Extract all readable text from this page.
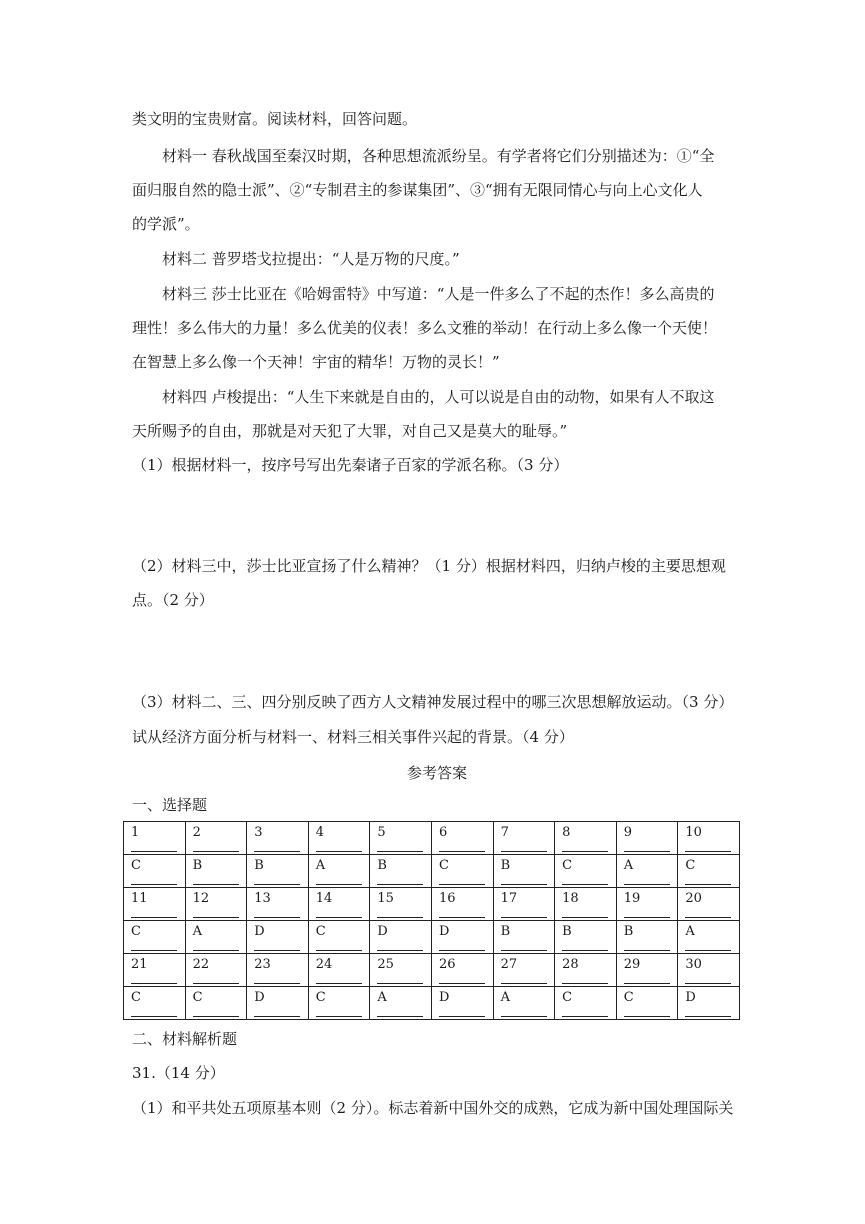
类文明的宝贵财富。阅读材料，回答问题。
材料一 春秋战国至秦汉时期，各种思想流派纷呈。有学者将它们分别描述为：①“全
面归服自然的隐士派”、②“专制君主的参谋集团”、③“拥有无限同情心与向上心文化人
的学派”。
材料二 普罗塔戈拉提出：“人是万物的尺度。”
材料三 莎士比亚在《哈姆雷特》中写道：“人是一件多么了不起的杰作！多么高贵的
理性！多么伟大的力量！多么优美的仪表！多么文雅的举动！在行动上多么像一个天使！
在智慧上多么像一个天神！宇宙的精华！万物的灵长！”
材料四 卢梭提出：“人生下来就是自由的，人可以说是自由的动物，如果有人不取这
天所赐予的自由，那就是对天犯了大罪，对自己又是莫大的耻辱。”
（1）根据材料一，按序号写出先秦诸子百家的学派名称。（3 分）
（2）材料三中，莎士比亚宣扬了什么精神？（1 分）根据材料四，归纳卢梭的主要思想观
点。（2 分）
（3）材料二、三、四分别反映了西方人文精神发展过程中的哪三次思想解放运动。（3 分）
试从经济方面分析与材料一、材料三相关事件兴起的背景。（4 分）
参考答案
一、选择题
1	2	3	4	5	6	7	8	9	10
C	B	B	A	B	C	B	C	A	C
11	12	13	14	15	16	17	18	19	20
C	A	D	C	D	D	B	B	B	A
21	22	23	24	25	26	27	28	29	30
C	C	D	C	A	D	A	C	C	D
二、材料解析题
31.（14 分）
（1）和平共处五项原基本则（2 分）。标志着新中国外交的成熟，它成为新中国处理国际关
